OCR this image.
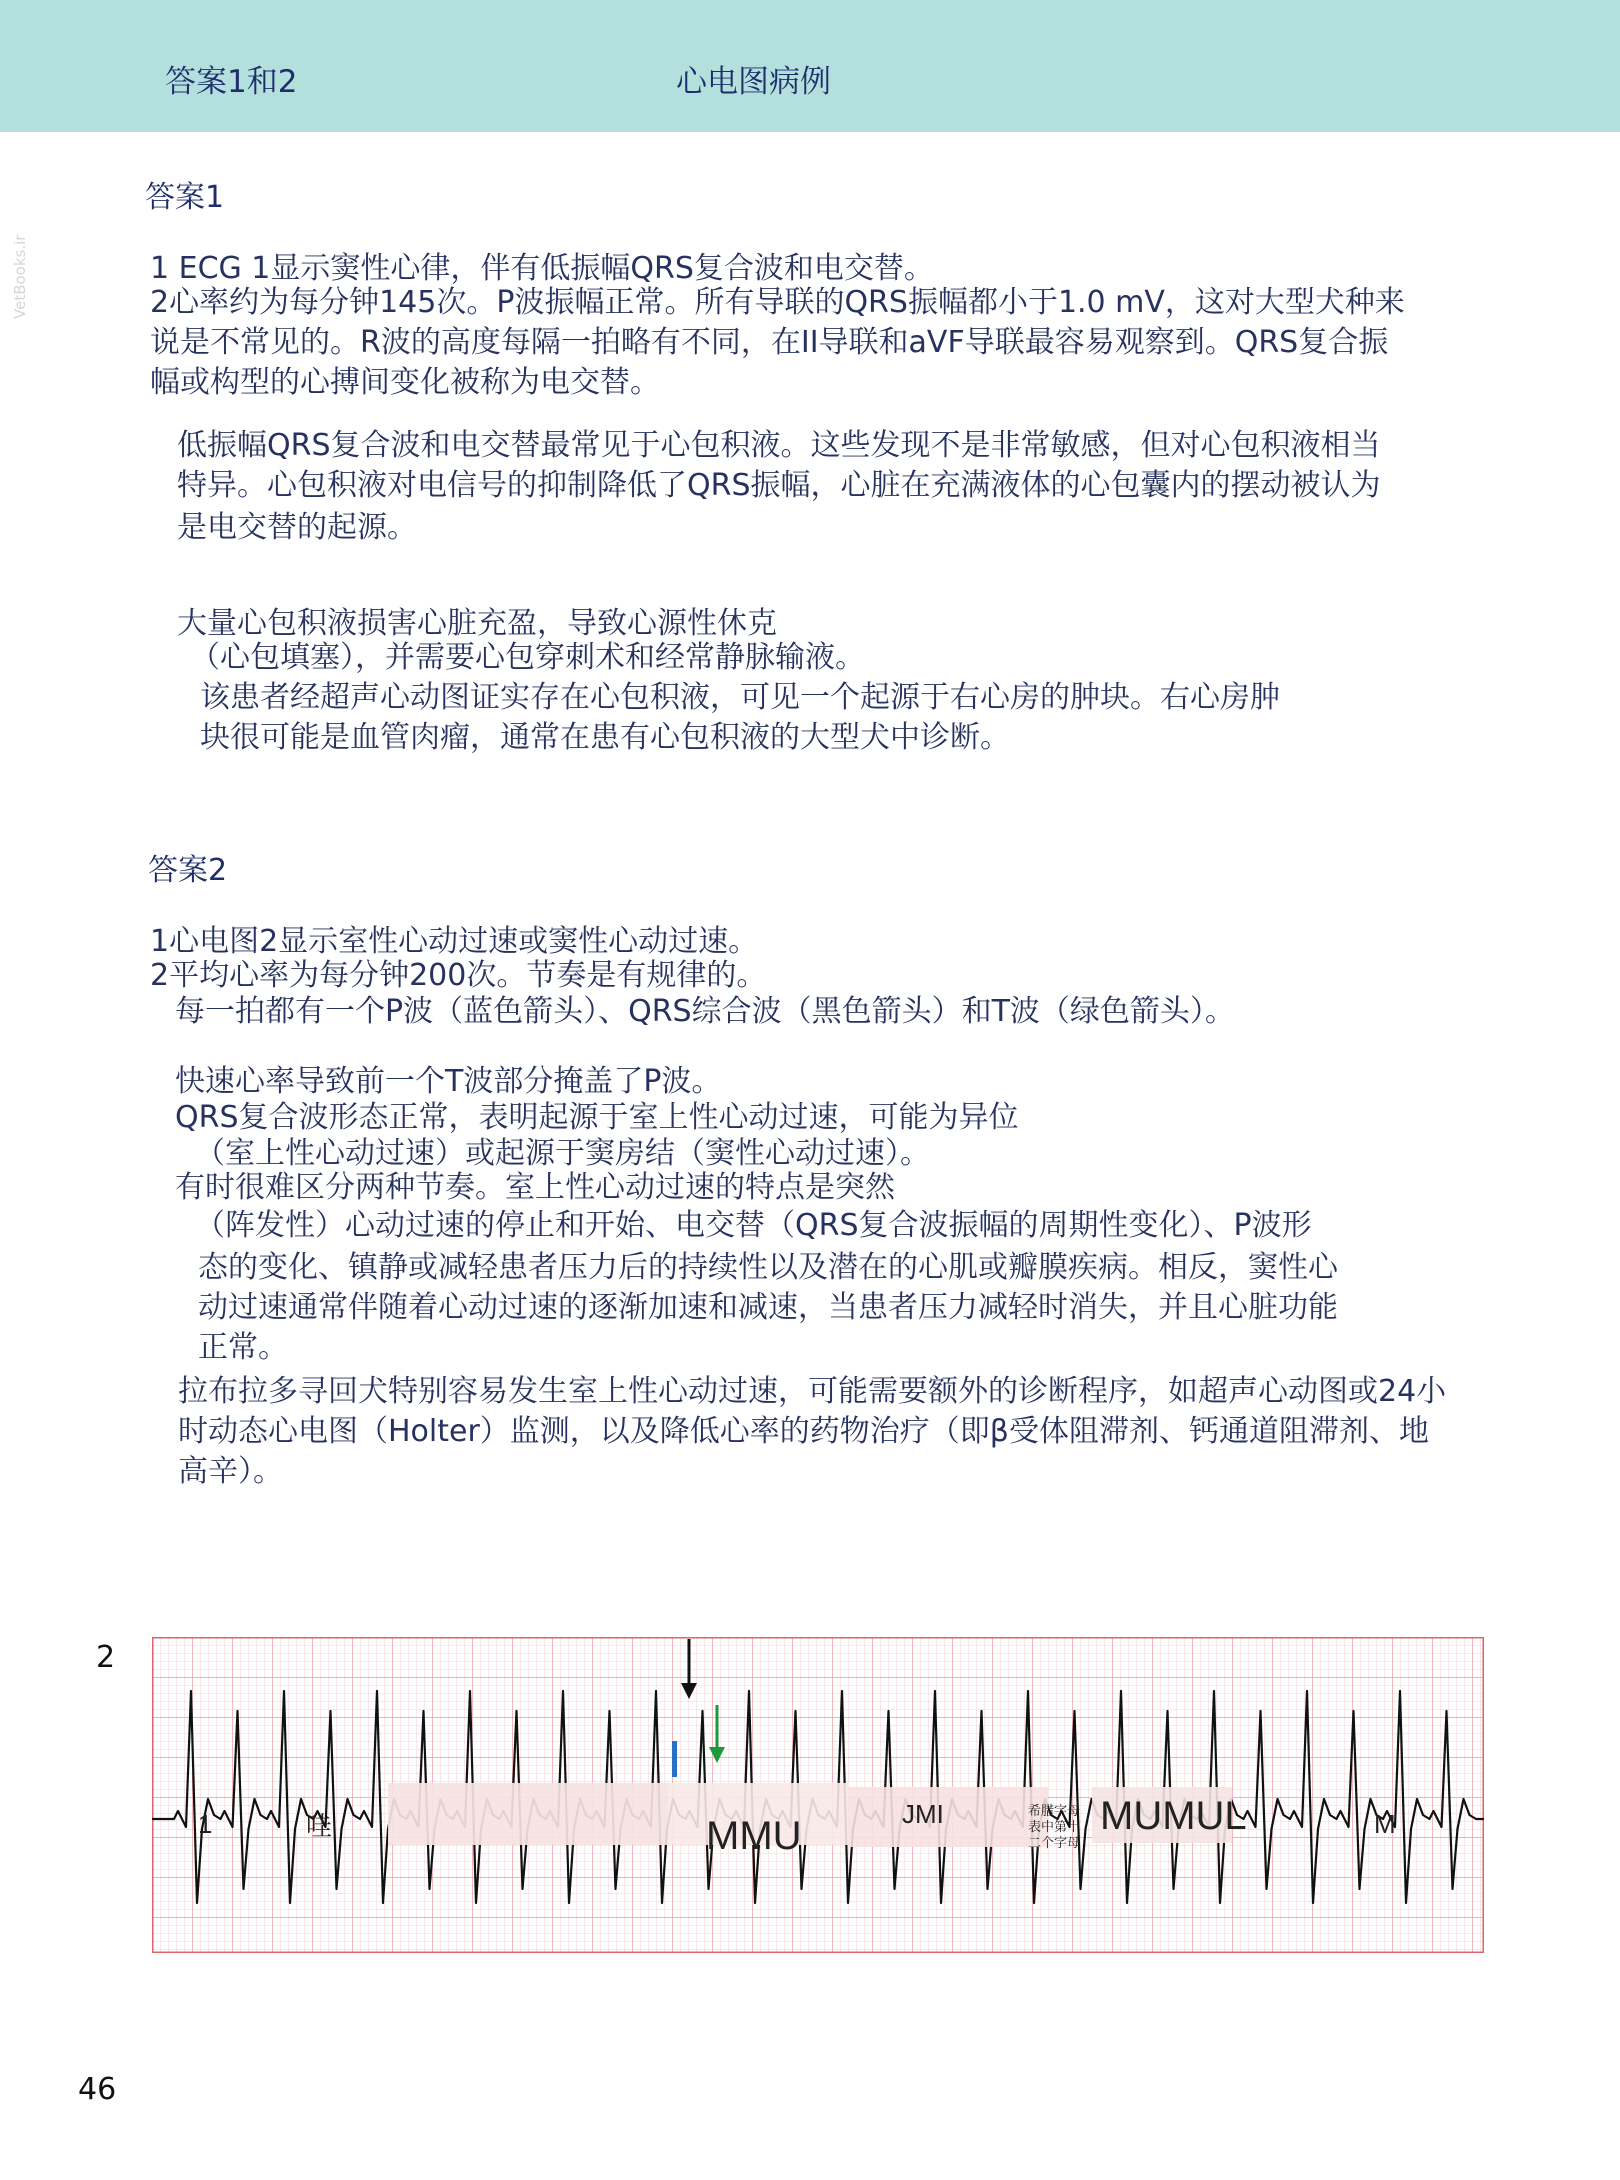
答案1和2	心电图病例
VetBooks.ir
答案1
1 ECG 1显示窦性心律，伴有低振幅QRS复合波和电交替。
2心率约为每分钟145次。P波振幅正常。所有导联的QRS振幅都小于1.0 mV，这对大型犬种来
说是不常见的。R波的高度每隔一拍略有不同，在II导联和aVF导联最容易观察到。QRS复合振
幅或构型的心搏间变化被称为电交替。
低振幅QRS复合波和电交替最常见于心包积液。这些发现不是非常敏感，但对心包积液相当
特异。心包积液对电信号的抑制降低了QRS振幅，心脏在充满液体的心包囊内的摆动被认为
是电交替的起源。
大量心包积液损害心脏充盈，导致心源性休克
（心包填塞），并需要心包穿刺术和经常静脉输液。
该患者经超声心动图证实存在心包积液，可见一个起源于右心房的肿块。右心房肿
块很可能是血管肉瘤，通常在患有心包积液的大型犬中诊断。
答案2
1心电图2显示室性心动过速或窦性心动过速。
2平均心率为每分钟200次。节奏是有规律的。
每一拍都有一个P波（蓝色箭头）、QRS综合波（黑色箭头）和T波（绿色箭头）。
快速心率导致前一个T波部分掩盖了P波。
QRS复合波形态正常，表明起源于室上性心动过速，可能为异位
（室上性心动过速）或起源于窦房结（窦性心动过速）。
有时很难区分两种节奏。室上性心动过速的特点是突然
（阵发性）心动过速的停止和开始、电交替（QRS复合波振幅的周期性变化）、P波形
态的变化、镇静或减轻患者压力后的持续性以及潜在的心肌或瓣膜疾病。相反，窦性心
动过速通常伴随着心动过速的逐渐加速和减速，当患者压力减轻时消失，并且心脏功能
正常。
拉布拉多寻回犬特别容易发生室上性心动过速，可能需要额外的诊断程序，如超声心动图或24小
时动态心电图（Holter）监测，以及降低心率的药物治疗（即β受体阻滞剂、钙通道阻滞剂、地
高辛）。
2
1	哇	MMU	JMI	希腊字母
表中第十
二个字母
MUMUL	M
46
